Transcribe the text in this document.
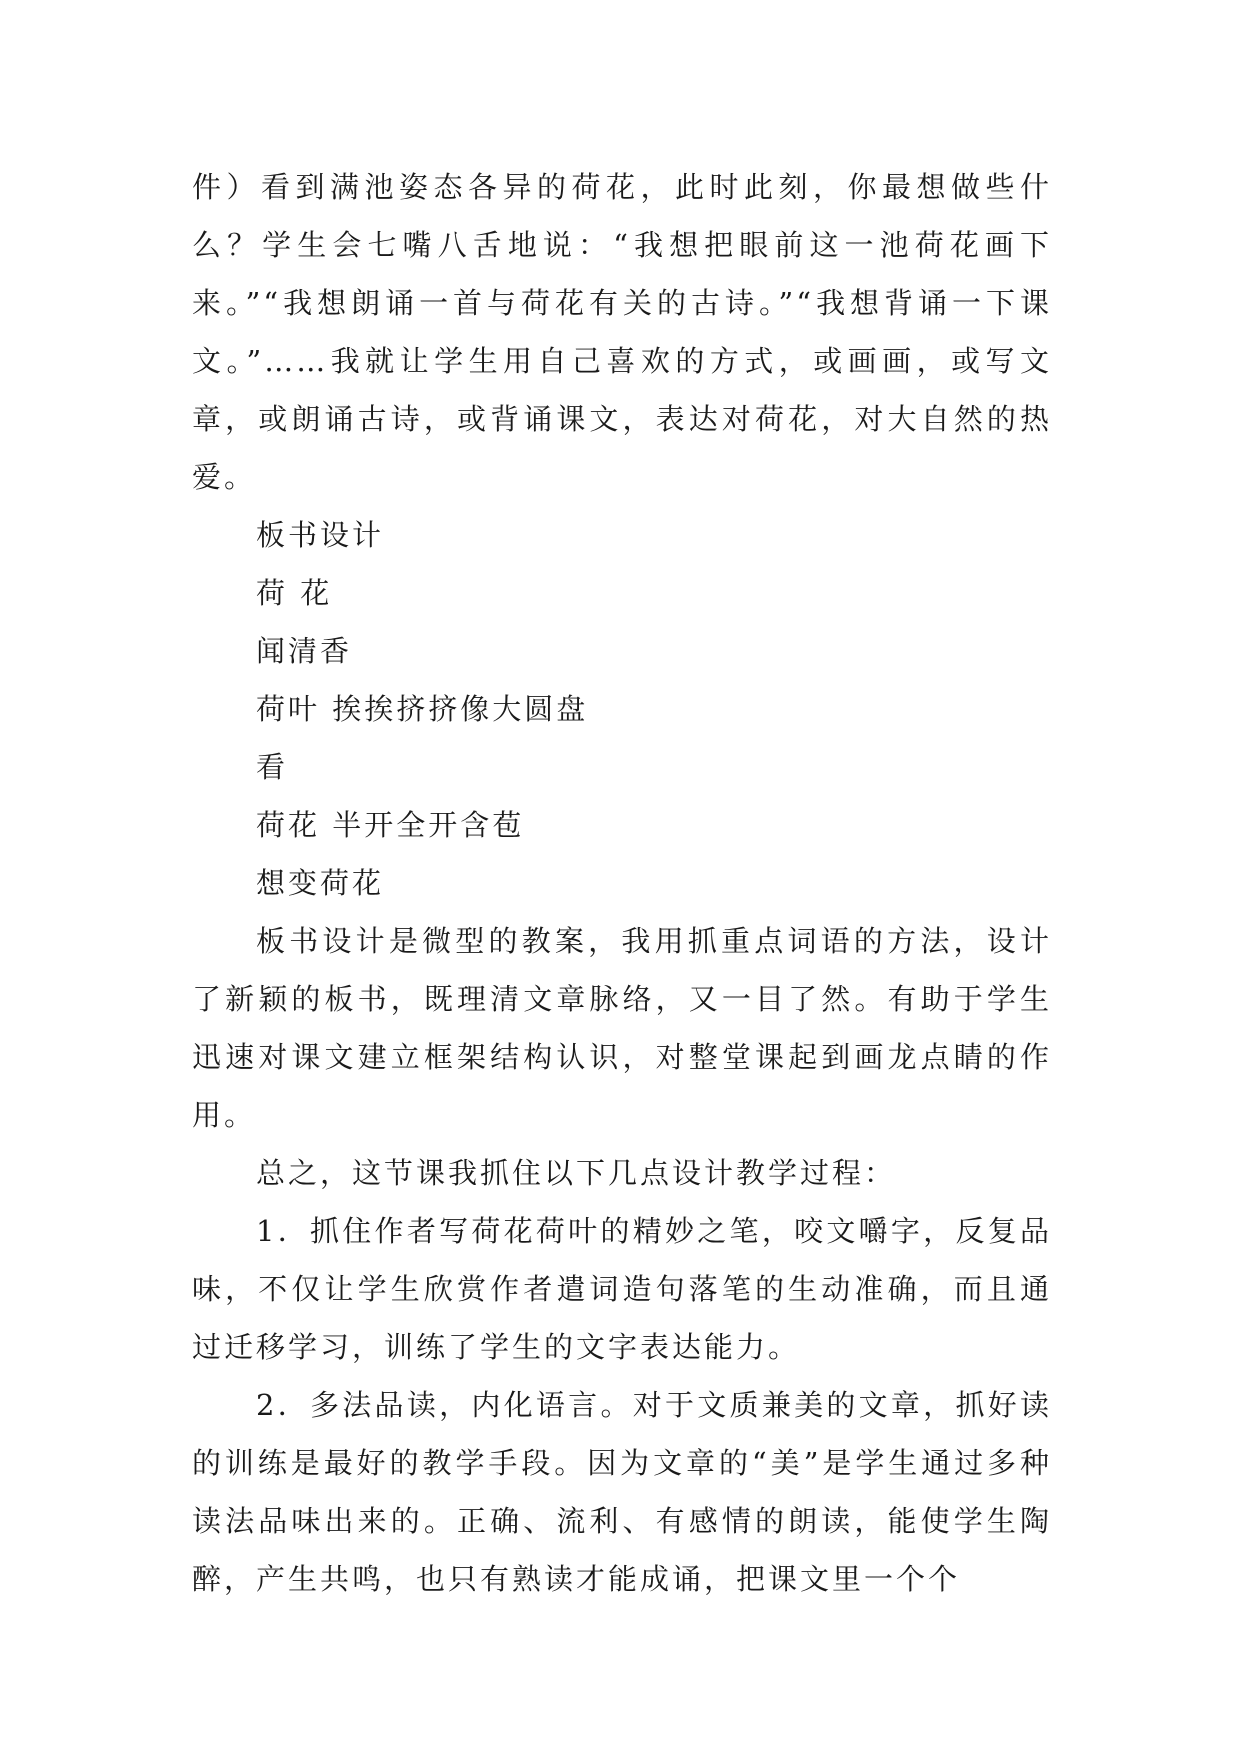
件）看到满池姿态各异的荷花，此时此刻，你最想做些什么？学生会七嘴八舌地说：“我想把眼前这一池荷花画下来。”“我想朗诵一首与荷花有关的古诗。”“我想背诵一下课文。”……我就让学生用自己喜欢的方式，或画画，或写文章，或朗诵古诗，或背诵课文，表达对荷花，对大自然的热爱。

板书设计

荷 花

闻清香

荷叶 挨挨挤挤像大圆盘

看

荷花 半开全开含苞

想变荷花

板书设计是微型的教案，我用抓重点词语的方法，设计了新颖的板书，既理清文章脉络，又一目了然。有助于学生迅速对课文建立框架结构认识，对整堂课起到画龙点睛的作用。

总之，这节课我抓住以下几点设计教学过程：

1．抓住作者写荷花荷叶的精妙之笔，咬文嚼字，反复品味，不仅让学生欣赏作者遣词造句落笔的生动准确，而且通过迁移学习，训练了学生的文字表达能力。

2．多法品读，内化语言。对于文质兼美的文章，抓好读的训练是最好的教学手段。因为文章的“美”是学生通过多种读法品味出来的。正确、流利、有感情的朗读，能使学生陶醉，产生共鸣，也只有熟读才能成诵，把课文里一个个
